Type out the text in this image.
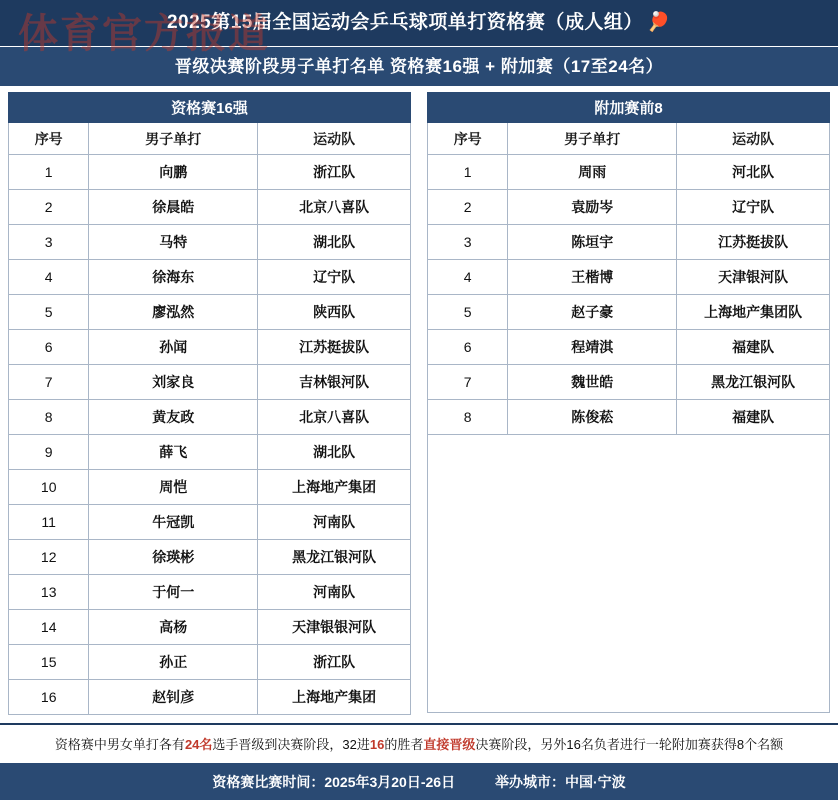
体育官方报道
2025第15届全国运动会乒乓球项单打资格赛（成人组） 🏓
晋级决赛阶段男子单打名单 资格赛16强 + 附加赛（17至24名）
资格赛16强		
序号	男子单打	运动队
1	向鹏	浙江队
2	徐晨皓	北京八喜队
3	马特	湖北队
4	徐海东	辽宁队
5	廖泓然	陕西队
6	孙闻	江苏挺拔队
7	刘家良	吉林银河队
8	黄友政	北京八喜队
9	薛飞	湖北队
10	周恺	上海地产集团
11	牛冠凯	河南队
12	徐瑛彬	黑龙江银河队
13	于何一	河南队
14	高杨	天津银银河队
15	孙正	浙江队
16	赵钊彦	上海地产集团
附加赛前8		
序号	男子单打	运动队
1	周雨	河北队
2	袁励岑	辽宁队
3	陈垣宇	江苏挺拔队
4	王楷博	天津银河队
5	赵子豪	上海地产集团队
6	程靖淇	福建队
7	魏世皓	黑龙江银河队
8	陈俊菘	福建队
资格赛中男女单打各有24名选手晋级到决赛阶段，32进16的胜者直接晋级决赛阶段，另外16名负者进行一轮附加赛获得8个名额
资格赛比赛时间：2025年3月20日-26日	举办城市：中国·宁波
